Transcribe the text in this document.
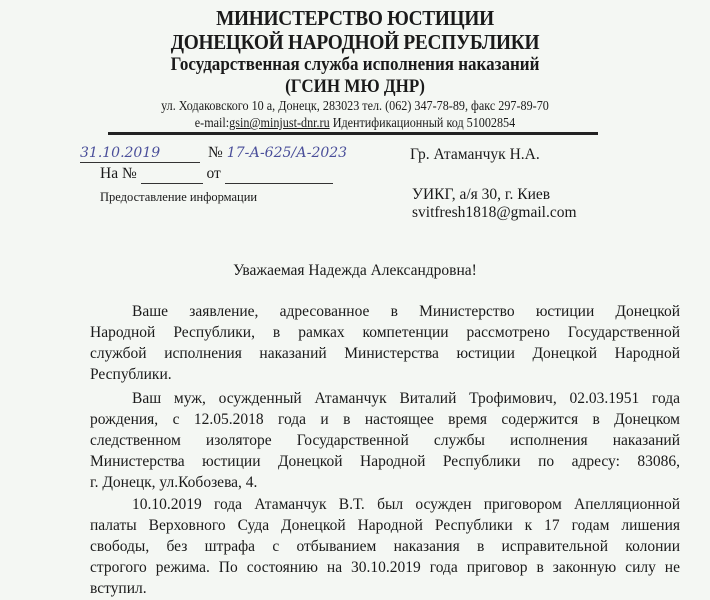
МИНИСТЕРСТВО ЮСТИЦИИ
ДОНЕЦКОЙ НАРОДНОЙ РЕСПУБЛИКИ
Государственная служба исполнения наказаний
(ГСИН МЮ ДНР)
ул. Ходаковского 10 а, Донецк, 283023 тел. (062) 347-78-89, факс 297-89-70
e-mail:gsin@minjust-dnr.ru Идентификационный код 51002854
31.10.2019	№ 17-А-625/А-2023
На №	от
Предоставление информации
Гр. Атаманчук Н.А.
УИКГ, а/я 30, г. Киев
svitfresh1818@gmail.com
Уважаемая Надежда Александровна!
Ваше заявление, адресованное в Министерство юстиции Донецкой
Народной Республики, в рамках компетенции рассмотрено Государственной
службой исполнения наказаний Министерства юстиции Донецкой Народной
Республики.
Ваш муж, осужденный Атаманчук Виталий Трофимович, 02.03.1951 года
рождения, с 12.05.2018 года и в настоящее время содержится в Донецком
следственном изоляторе Государственной службы исполнения наказаний
Министерства юстиции Донецкой Народной Республики по адресу: 83086,
г. Донецк, ул.Кобозева, 4.
10.10.2019 года Атаманчук В.Т. был осужден приговором Апелляционной
палаты Верховного Суда Донецкой Народной Республики к 17 годам лишения
свободы, без штрафа с отбыванием наказания в исправительной колонии
строгого режима. По состоянию на 30.10.2019 года приговор в законную силу не
вступил.
